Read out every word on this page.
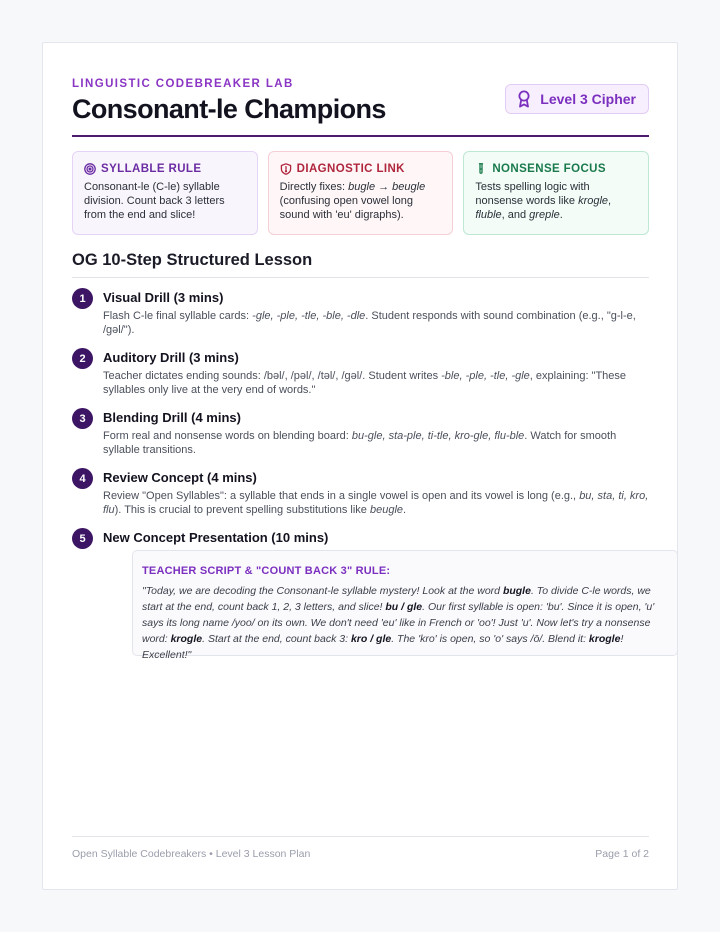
LINGUISTIC CODEBREAKER LAB
Consonant-le Champions	Level 3 Cipher
SYLLABLE RULE
Consonant-le (C-le) syllable division. Count back 3 letters from the end and slice!
DIAGNOSTIC LINK
Directly fixes: bugle → beugle (confusing open vowel long sound with 'eu' digraphs).
NONSENSE FOCUS
Tests spelling logic with nonsense words like krogle, fluble, and greple.
OG 10-Step Structured Lesson
1	Visual Drill (3 mins)
Flash C-le final syllable cards: -gle, -ple, -tle, -ble, -dle. Student responds with sound combination (e.g., "g-l-e, /gəl/").
2	Auditory Drill (3 mins)
Teacher dictates ending sounds: /bəl/, /pəl/, /təl/, /gəl/. Student writes -ble, -ple, -tle, -gle, explaining: "These syllables only live at the very end of words."
3	Blending Drill (4 mins)
Form real and nonsense words on blending board: bu-gle, sta-ple, ti-tle, kro-gle, flu-ble. Watch for smooth syllable transitions.
4	Review Concept (4 mins)
Review "Open Syllables": a syllable that ends in a single vowel is open and its vowel is long (e.g., bu, sta, ti, kro, flu). This is crucial to prevent spelling substitutions like beugle.
5	New Concept Presentation (10 mins)
TEACHER SCRIPT & "COUNT BACK 3" RULE:
"Today, we are decoding the Consonant-le syllable mystery! Look at the word bugle. To divide C-le words, we start at the end, count back 1, 2, 3 letters, and slice! bu / gle. Our first syllable is open: 'bu'. Since it is open, 'u' says its long name /yoo/ on its own. We don't need 'eu' like in French or 'oo'! Just 'u'. Now let's try a nonsense word: krogle. Start at the end, count back 3: kro / gle. The 'kro' is open, so 'o' says /ō/. Blend it: krogle! Excellent!"
Open Syllable Codebreakers • Level 3 Lesson Plan	Page 1 of 2
